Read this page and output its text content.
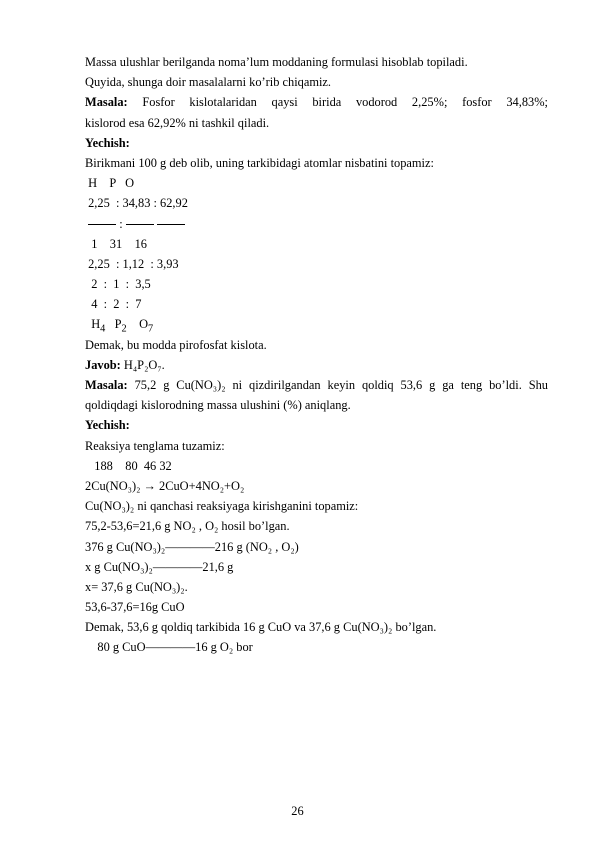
Massa ulushlar berilganda noma’lum moddaning formulasi hisoblab topiladi.
Quyida, shunga doir masalalarni ko’rib chiqamiz.
Masala: Fosfor kislotalaridan qaysi birida vodorod 2,25%; fosfor 34,83%;
kislorod esa 62,92% ni tashkil qiladi.
Yechish:
Birikmani 100 g deb olib, uning tarkibidagi atomlar nisbatini topamiz:
H    P   O
2,25  : 34,83 : 62,92
:
1    31    16
2,25  : 1,12  : 3,93
2  :  1  :  3,5
4  :  2  :  7
$H_4$   $P_2$    $O_7$
Demak, bu modda pirofosfat kislota.
Javob: H₄P₂O₇.
Masala: 75,2 g Cu(NO₃)₂ ni qizdirilgandan keyin qoldiq 53,6 g ga teng bo’ldi. Shu
qoldiqdagi kislorodning massa ulushini (%) aniqlang.
Yechish:
Reaksiya tenglama tuzamiz:
188    80  46 32
2Cu(NO₃)₂ → 2CuO+4NO₂+O₂
Cu(NO₃)₂ ni qanchasi reaksiyaga kirishganini topamiz:
75,2-53,6=21,6 g NO₂ , O₂ hosil bo’lgan.
376 g Cu(NO₃)₂————216 g (NO₂ , O₂)
x g Cu(NO₃)₂————21,6 g
x= 37,6 g Cu(NO₃)₂.
53,6-37,6=16g CuO
Demak, 53,6 g qoldiq tarkibida 16 g CuO va 37,6 g Cu(NO₃)₂ bo’lgan.
80 g CuO————16 g O₂ bor
26
